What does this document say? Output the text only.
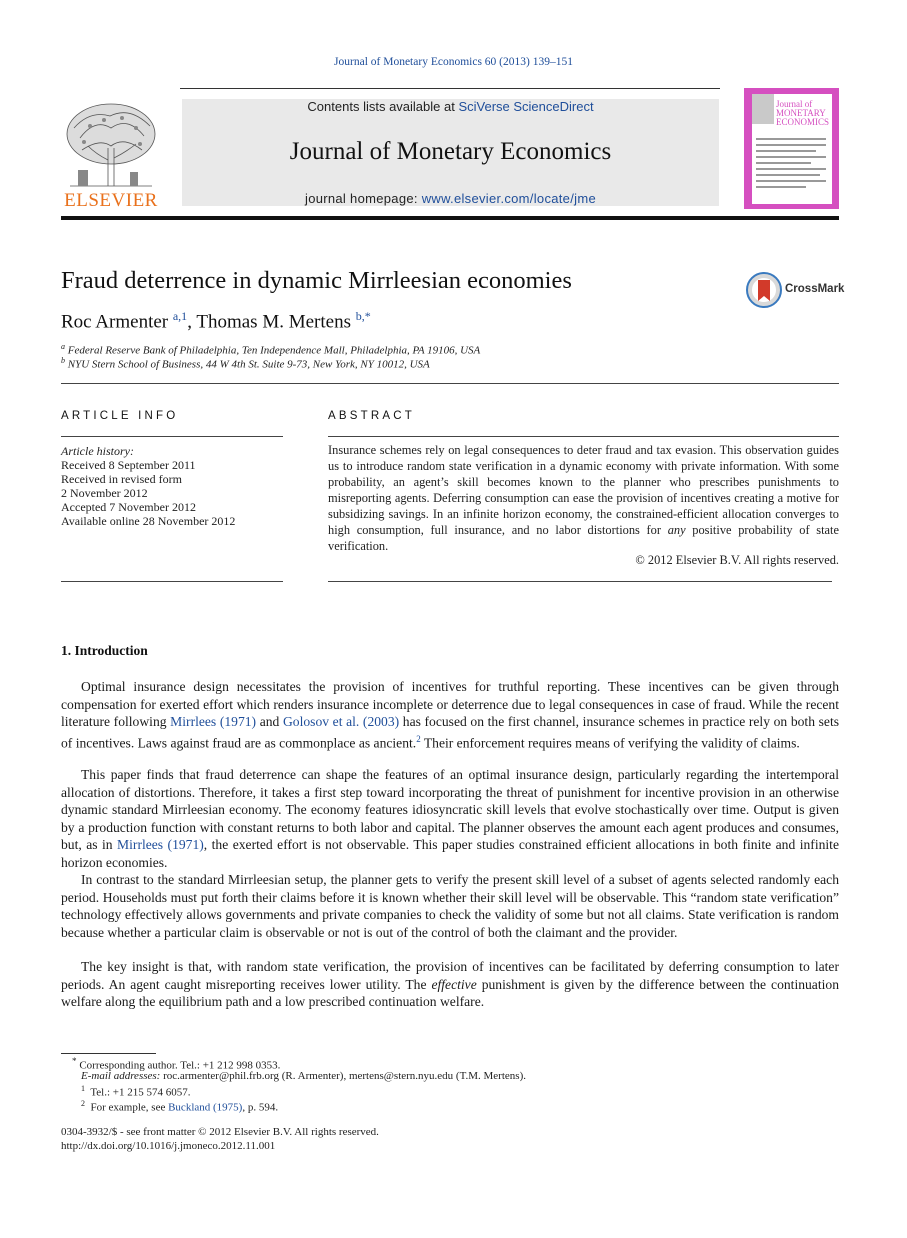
Journal of Monetary Economics 60 (2013) 139–151
Contents lists available at SciVerse ScienceDirect
Journal of Monetary Economics
journal homepage: www.elsevier.com/locate/jme
ELSEVIER
Journal of MONETARY ECONOMICS
Fraud deterrence in dynamic Mirrleesian economies	CrossMark
Roc Armenter $^{a,1}$, Thomas M. Mertens $^{b,*}$
$^a$ Federal Reserve Bank of Philadelphia, Ten Independence Mall, Philadelphia, PA 19106, USA
$^b$ NYU Stern School of Business, 44 W 4th St. Suite 9-73, New York, NY 10012, USA
ARTICLE INFO
Article history:
Received 8 September 2011
Received in revised form
2 November 2012
Accepted 7 November 2012
Available online 28 November 2012
ABSTRACT
Insurance schemes rely on legal consequences to deter fraud and tax evasion. This observation guides us to introduce random state verification in a dynamic economy with private information. With some probability, an agent’s skill becomes known to the planner who prescribes punishments to misreporting agents. Deferring consumption can ease the provision of incentives creating a motive for subsidizing savings. In an infinite horizon economy, the constrained-efficient allocation converges to high consumption, full insurance, and no labor distortions for any positive probability of state verification.
© 2012 Elsevier B.V. All rights reserved.
1. Introduction
Optimal insurance design necessitates the provision of incentives for truthful reporting. These incentives can be given through compensation for exerted effort which renders insurance incomplete or deterrence due to legal consequences in case of fraud. While the recent literature following Mirrlees (1971) and Golosov et al. (2003) has focused on the first channel, insurance schemes in practice rely on both sets of incentives. Laws against fraud are as commonplace as ancient.$^2$ Their enforcement requires means of verifying the validity of claims.
This paper finds that fraud deterrence can shape the features of an optimal insurance design, particularly regarding the intertemporal allocation of distortions. Therefore, it takes a first step toward incorporating the threat of punishment for incentive provision in an otherwise dynamic standard Mirrleesian economy. The economy features idiosyncratic skill levels that evolve stochastically over time. Output is given by a production function with constant returns to both labor and capital. The planner observes the amount each agent produces and consumes, but, as in Mirrlees (1971), the exerted effort is not observable. This paper studies constrained efficient allocations in both finite and infinite horizon economies.
In contrast to the standard Mirrleesian setup, the planner gets to verify the present skill level of a subset of agents selected randomly each period. Households must put forth their claims before it is known whether their skill level will be observable. This “random state verification” technology effectively allows governments and private companies to check the validity of some but not all claims. State verification is random because whether a particular claim is observable or not is out of the control of both the claimant and the provider.
The key insight is that, with random state verification, the provision of incentives can be facilitated by deferring consumption to later periods. An agent caught misreporting receives lower utility. The effective punishment is given by the difference between the continuation welfare along the equilibrium path and a low prescribed continuation welfare.
* Corresponding author. Tel.: +1 212 998 0353.
E-mail addresses: roc.armenter@phil.frb.org (R. Armenter), mertens@stern.nyu.edu (T.M. Mertens).
$^1$ Tel.: +1 215 574 6057.
$^2$ For example, see Buckland (1975), p. 594.
0304-3932/$ - see front matter © 2012 Elsevier B.V. All rights reserved.
http://dx.doi.org/10.1016/j.jmoneco.2012.11.001
